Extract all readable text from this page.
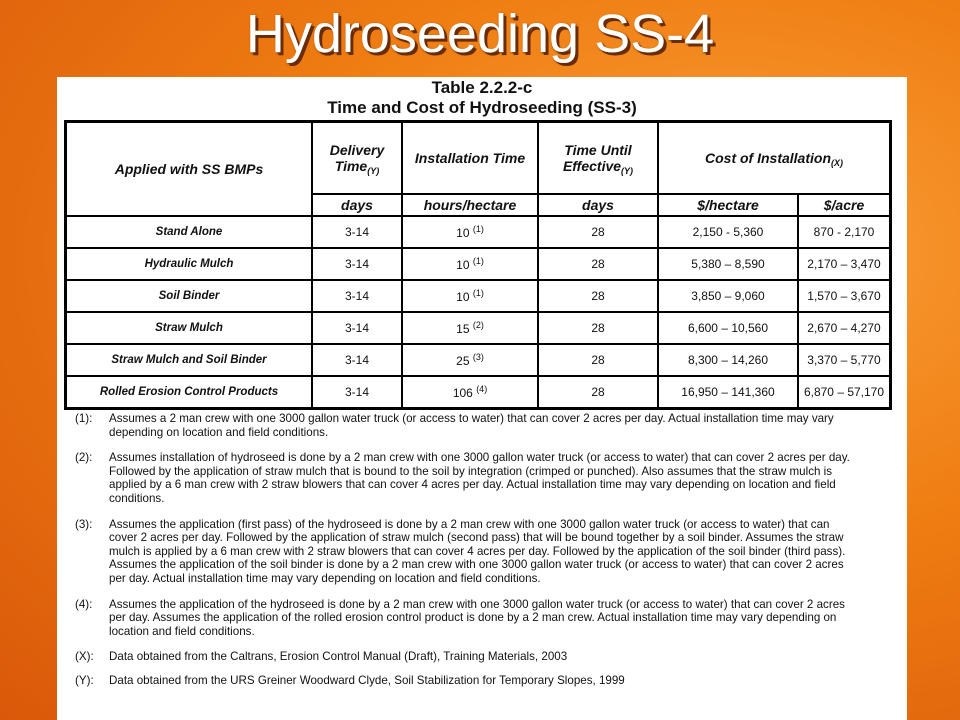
Hydroseeding SS-4
Table 2.2.2-c
Time and Cost of Hydroseeding (SS-3)
Applied with SS BMPs	Delivery Time$_{(Y)}$	Installation Time	Time Until Effective$_{(Y)}$	Cost of Installation$_{(X)}$
	days	hours/hectare	days	$/hectare	$/acre
Stand Alone	3-14	10 $^{(1)}$	28	2,150 - 5,360	870 - 2,170
Hydraulic Mulch	3-14	10 $^{(1)}$	28	5,380 – 8,590	2,170 – 3,470
Soil Binder	3-14	10 $^{(1)}$	28	3,850 – 9,060	1,570 – 3,670
Straw Mulch	3-14	15 $^{(2)}$	28	6,600 – 10,560	2,670 – 4,270
Straw Mulch and Soil Binder	3-14	25 $^{(3)}$	28	8,300 – 14,260	3,370 – 5,770
Rolled Erosion Control Products	3-14	106 $^{(4)}$	28	16,950 – 141,360	6,870 – 57,170
(1):	Assumes a 2 man crew with one 3000 gallon water truck (or access to water) that can cover 2 acres per day. Actual installation time may vary depending on location and field conditions.
(2):	Assumes installation of hydroseed is done by a 2 man crew with one 3000 gallon water truck (or access to water) that can cover 2 acres per day. Followed by the application of straw mulch that is bound to the soil by integration (crimped or punched). Also assumes that the straw mulch is applied by a 6 man crew with 2 straw blowers that can cover 4 acres per day. Actual installation time may vary depending on location and field conditions.
(3):	Assumes the application (first pass) of the hydroseed is done by a 2 man crew with one 3000 gallon water truck (or access to water) that can cover 2 acres per day. Followed by the application of straw mulch (second pass) that will be bound together by a soil binder. Assumes the straw mulch is applied by a 6 man crew with 2 straw blowers that can cover 4 acres per day. Followed by the application of the soil binder (third pass). Assumes the application of the soil binder is done by a 2 man crew with one 3000 gallon water truck (or access to water) that can cover 2 acres per day. Actual installation time may vary depending on location and field conditions.
(4):	Assumes the application of the hydroseed is done by a 2 man crew with one 3000 gallon water truck (or access to water) that can cover 2 acres per day. Assumes the application of the rolled erosion control product is done by a 2 man crew. Actual installation time may vary depending on location and field conditions.
(X):	Data obtained from the Caltrans, Erosion Control Manual (Draft), Training Materials, 2003
(Y):	Data obtained from the URS Greiner Woodward Clyde, Soil Stabilization for Temporary Slopes, 1999
